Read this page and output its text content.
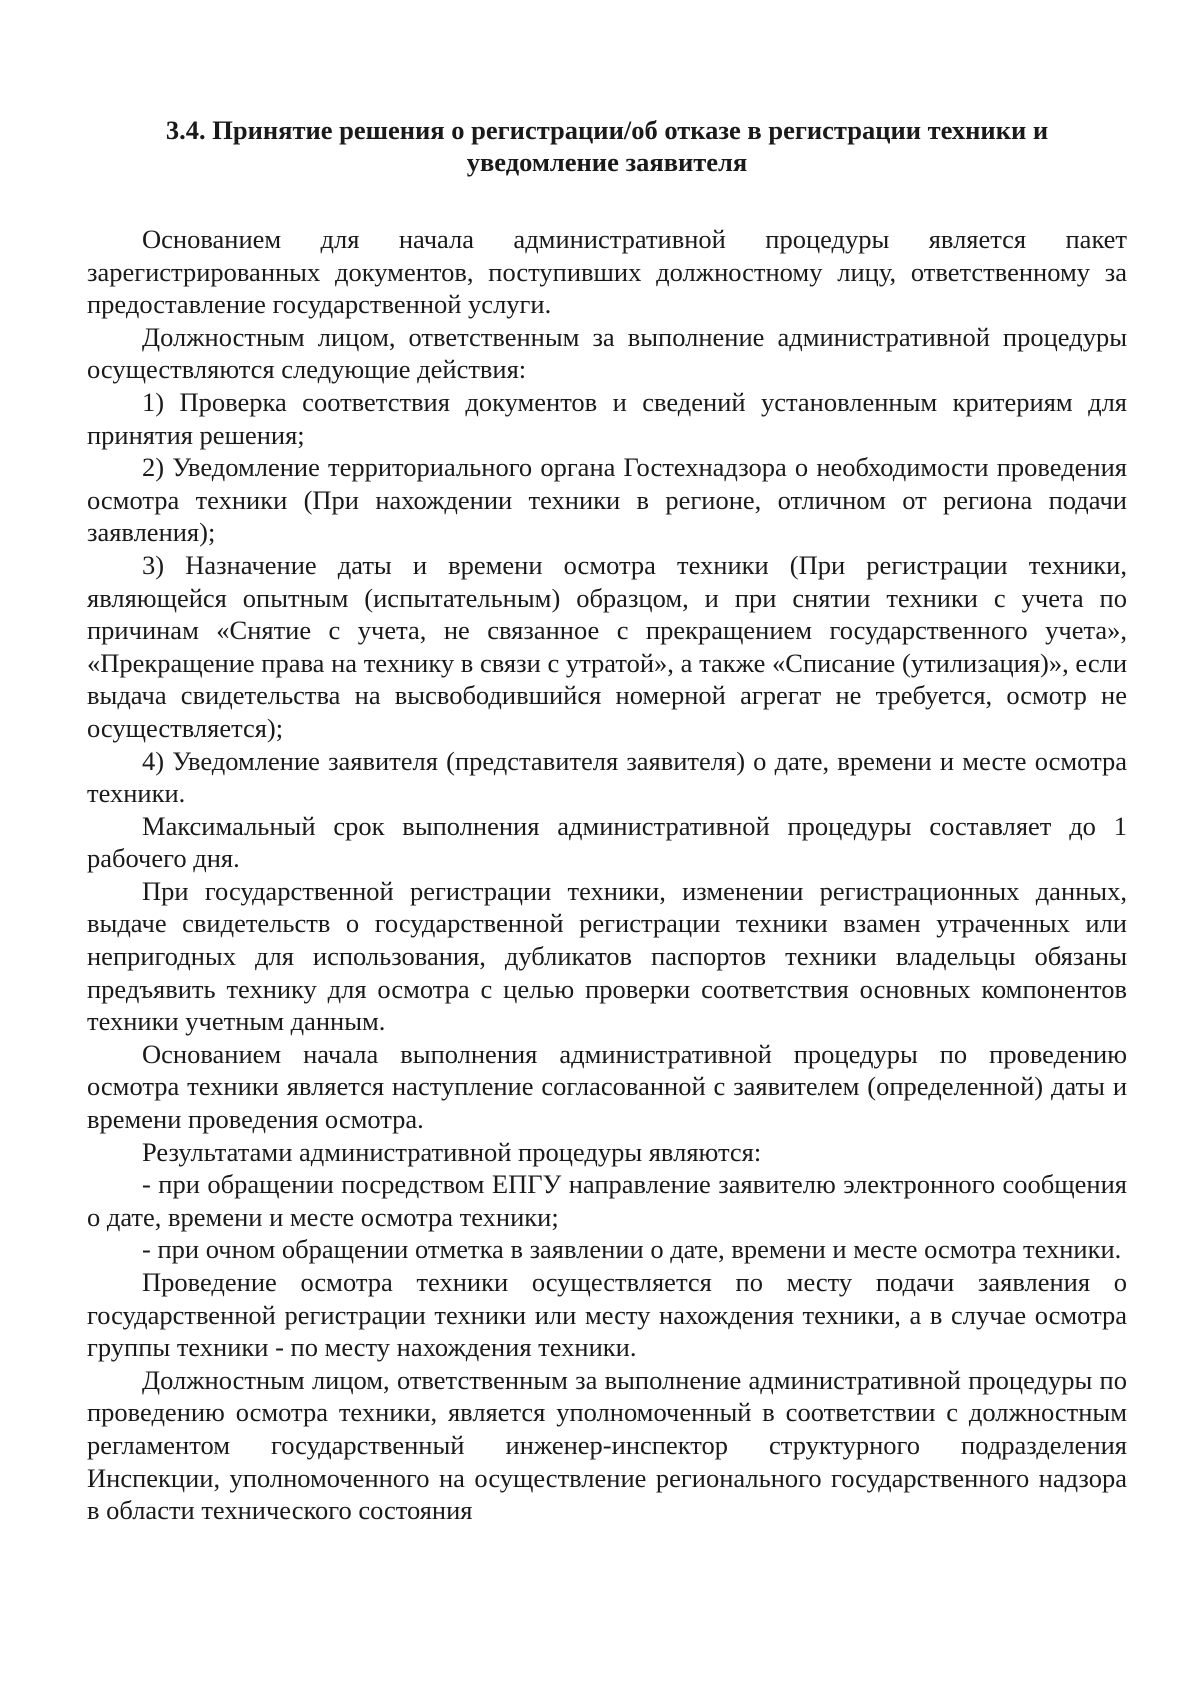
3.4. Принятие решения о регистрации/об отказе в регистрации техники и
уведомление заявителя

Основанием для начала административной процедуры является пакет зарегистрированных документов, поступивших должностному лицу, ответственному за предоставление государственной услуги.

Должностным лицом, ответственным за выполнение административной процедуры осуществляются следующие действия:

1) Проверка соответствия документов и сведений установленным критериям для принятия решения;

2) Уведомление территориального органа Гостехнадзора о необходимости проведения осмотра техники (При нахождении техники в регионе, отличном от региона подачи заявления);

3) Назначение даты и времени осмотра техники (При регистрации техники, являющейся опытным (испытательным) образцом, и при снятии техники с учета по причинам «Снятие с учета, не связанное с прекращением государственного учета», «Прекращение права на технику в связи с утратой», а также «Списание (утилизация)», если выдача свидетельства на высвободившийся номерной агрегат не требуется, осмотр не осуществляется);

4) Уведомление заявителя (представителя заявителя) о дате, времени и месте осмотра техники.

Максимальный срок выполнения административной процедуры составляет до 1 рабочего дня.

При государственной регистрации техники, изменении регистрационных данных, выдаче свидетельств о государственной регистрации техники взамен утраченных или непригодных для использования, дубликатов паспортов техники владельцы обязаны предъявить технику для осмотра с целью проверки соответствия основных компонентов техники учетным данным.

Основанием начала выполнения административной процедуры по проведению осмотра техники является наступление согласованной с заявителем (определенной) даты и времени проведения осмотра.

Результатами административной процедуры являются:

- при обращении посредством ЕПГУ направление заявителю электронного сообщения о дате, времени и месте осмотра техники;

- при очном обращении отметка в заявлении о дате, времени и месте осмотра техники.

Проведение осмотра техники осуществляется по месту подачи заявления о государственной регистрации техники или месту нахождения техники, а в случае осмотра группы техники - по месту нахождения техники.

Должностным лицом, ответственным за выполнение административной процедуры по проведению осмотра техники, является уполномоченный в соответствии с должностным регламентом государственный инженер-инспектор структурного подразделения Инспекции, уполномоченного на осуществление регионального государственного надзора в области технического состояния
